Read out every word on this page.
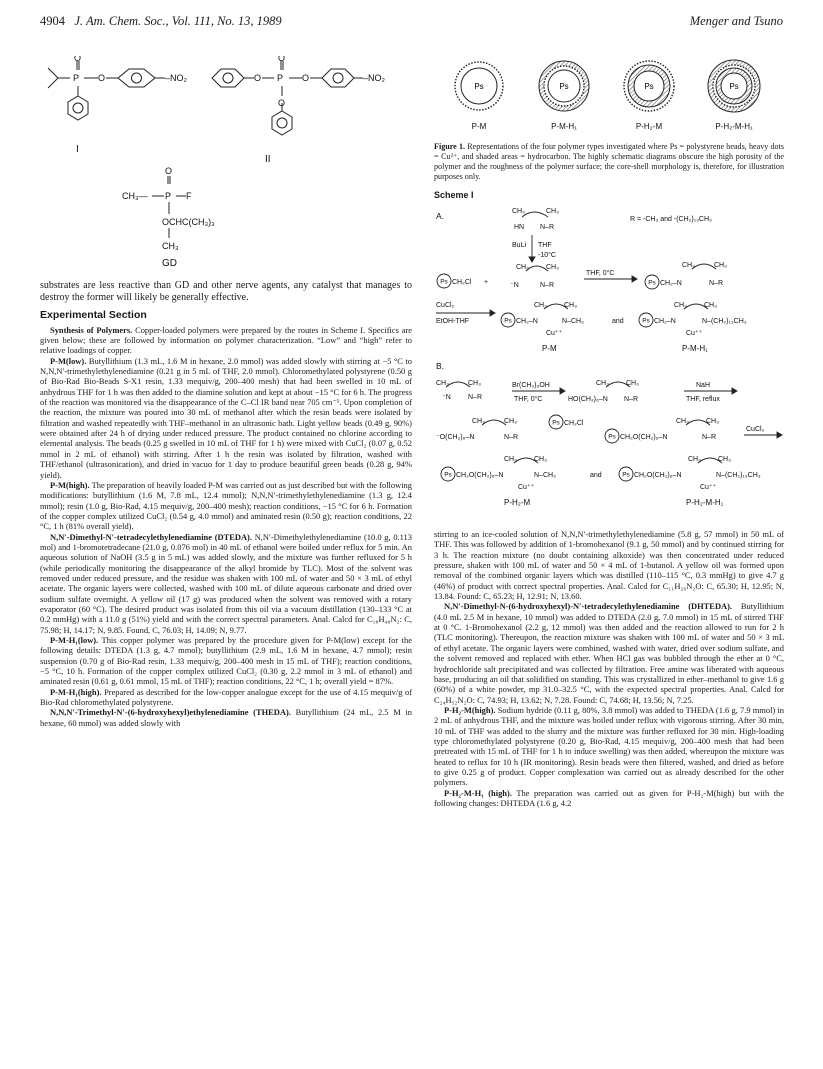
4904 J. Am. Chem. Soc., Vol. 111, No. 13, 1989	Menger and Tsuno
O
P O	–NO₂	O
O
P O
O
–NO₂
O
CH₃— P F
OCHC(CH₃)₃
CH₃
I
II
GD

substrates are less reactive than GD and other nerve agents, any catalyst that manages to destroy the former will likely be generally effective.

Experimental Section

Synthesis of Polymers. Copper-loaded polymers were prepared by the routes in Scheme I. Specifics are given below; these are followed by information on polymer characterization. “Low” and “high” refer to relative loadings of copper.

P-M(low). Butyllithium (1.3 mL, 1.6 M in hexane, 2.0 mmol) was added slowly with stirring at −5 °C to N,N,N′-trimethylethylenediamine (0.21 g in 5 mL of THF, 2.0 mmol). Chloromethylated polystyrene (0.50 g of Bio-Rad Bio-Beads S-X1 resin, 1.33 mequiv/g, 200–400 mesh) that had been swelled in 10 mL of anhydrous THF for 1 h was then added to the diamine solution and kept at about −15 °C for 6 h. The progress of the reaction was monitored via the disappearance of the C–Cl IR band near 705 cm⁻¹. Upon completion of the reaction, the mixture was poured into 30 mL of methanol after which the resin beads were isolated by filtration and washed repeatedly with THF–methanol in an ultrasonic bath. Light yellow beads (0.49 g, 90%) were obtained after 24 h of drying under reduced pressure. The product contained no chlorine according to elemental analysis. The beads (0.25 g swelled in 10 mL of THF for 1 h) were mixed with CuCl₂ (0.07 g, 0.52 mmol in 2 mL of ethanol) with stirring. After 1 h the resin was isolated by filtration, washed with THF/ethanol (ultrasonication), and dried in vacuo for 1 day to produce beautiful green beads (0.28 g, 94% yield).

P-M(high). The preparation of heavily loaded P-M was carried out as just described but with the following modifications: butyllithium (1.6 M, 7.8 mL, 12.4 mmol); N,N,N′-trimethylethylenediamine (1.3 g, 12.4 mmol); resin (1.0 g, Bio-Rad, 4.15 mequiv/g, 200–400 mesh); reaction conditions, −15 °C for 6 h. Formation of the copper complex utilized CuCl₂ (0.54 g, 4.0 mmol) and aminated resin (0.50 g); reaction conditions, 22 °C, 1 h (81% overall yield).

N,N′-Dimethyl-N′-tetradecylethylenediamine (DTEDA). N,N′-Dimethylethylenediamine (10.0 g, 0.113 mol) and 1-bromotetradecane (21.0 g, 0.076 mol) in 40 mL of ethanol were boiled under reflux for 5 min. An aqueous solution of NaOH (3.5 g in 5 mL) was added slowly, and the mixture was further refluxed for 5 h (while periodically monitoring the disappearance of the alkyl bromide by TLC). Most of the solvent was removed under reduced pressure, and the residue was shaken with 100 mL of water and 50 × 3 mL of ethyl acetate. The organic layers were collected, washed with 100 mL of dilute aqueous carbonate and dried over sodium sulfate overnight. A yellow oil (17 g) was produced when the solvent was removed with a rotary evaporator (60 °C). The desired product was isolated from this oil via a vacuum distillation (130–133 °C at 0.2 mmHg) with a 11.0 g (51%) yield and with the correct spectral parameters. Anal. Calcd for C₁₈H₄₀N₂: C, 75.98; H, 14.17; N, 9.85. Found, C, 76.03; H, 14.09; N, 9.77.

P-M-H₁(low). This copper polymer was prepared by the procedure given for P-M(low) except for the following details: DTEDA (1.3 g, 4.7 mmol); butyllithium (2.9 mL, 1.6 M in hexane, 4.7 mmol); resin suspension (0.70 g of Bio-Rad resin, 1.33 mequiv/g, 200–400 mesh in 15 mL of THF); reaction conditions, −5 °C, 10 h. Formation of the copper complex utilized CuCl₂ (0.30 g, 2.2 mmol in 3 mL of ethanol) and aminated resin (0.61 g, 0.61 mmol, 15 mL of THF); reaction conditions, 22 °C, 1 h; overall yield = 87%.

P-M-H₁(high). Prepared as described for the low-copper analogue except for the use of 4.15 mequiv/g of Bio-Rad chloromethylated polystyrene.

N,N,N′-Trimethyl-N′-(6-hydroxyhexyl)ethylenediamine (THEDA). Butyllithium (24 mL, 2.5 M in hexane, 60 mmol) was added slowly with

Ps	Ps	Ps	Ps
P-M	P-M-H₁	P-H₂-M	P-H₂-M-H₁

Figure 1. Representations of the four polymer types investigated where Ps = polystyrene beads, heavy dots = Cu²⁺, and shaded areas = hydrocarbon. The highly schematic diagrams obscure the high porosity of the polymer and the roughness of the polymer surface; the core-shell morphology is, therefore, for illustration purposes only.

Scheme I
A.	CH₃	CH₃
HN N–R
R = -CH₃ and -(CH₂)₁₃CH₃
BuLi THF
-10°C
CH₂Cl +
CH₃ CH₃
⁻N	N–R
THF, 0°C
CH₃	CH₃
CH₂–N	N–R
CuCl₂
EtOH-THF
CH₃ CH₃
CH₂–N	N–CH₃
Cu⁺⁺
and
CH₃ CH₃
CH₂–N	N–(CH₂)₁₃CH₃
Cu⁺⁺
P-M	P-M-H₁
B.
CH₃	CH₃
⁻N N–R
Br(CH₂)₆OH
THF, 0°C
CH₃ CH₃
HO(CH₂)₆–N N–R
NaH
THF, reflux
CH₃	CH₃
⁻O(CH₂)₆–N	N–R
CH₂Cl	CH₃ CH₃
CH₂O(CH₂)₆–N	N–R
CuCl₂
CH₃ CH₃
CH₂O(CH₂)₆–N	N–CH₃
Cu⁺⁺
and
CH₃ CH₃
CH₂O(CH₂)₆–N	N–(CH₂)₁₃CH₃
Cu⁺⁺
P-H₂-M	P-H₂-M-H₁
Ps	Ps
Ps	Ps
Ps
Ps
Ps	Ps

stirring to an ice-cooled solution of N,N,N′-trimethylethylenediamine (5.8 g, 57 mmol) in 50 mL of THF. This was followed by addition of 1-bromohexanol (9.1 g, 50 mmol) and by continued stirring for 3 h. The reaction mixture (no doubt containing alkoxide) was then concentrated under reduced pressure, shaken with 100 mL of water and 50 × 4 mL of 1-butanol. A yellow oil was formed upon removal of the combined organic layers which was distilled (110–115 °C, 0.3 mmHg) to give 4.7 g (46%) of product with correct spectral properties. Anal. Calcd for C₁₁H₂₆N₂O: C, 65.30; H, 12.95; N, 13.84. Found: C, 65.23; H, 12.91; N, 13.60.

N,N′-Dimethyl-N-(6-hydroxyhexyl)-N′-tetradecylethylenediamine (DHTEDA). Butyllithium (4.0 mL 2.5 M in hexane, 10 mmol) was added to DTEDA (2.0 g, 7.0 mmol) in 15 mL of stirred THF at 0 °C. 1-Bromohexanol (2.2 g, 12 mmol) was then added and the reaction allowed to run for 2 h (TLC monitoring). Thereupon, the reaction mixture was shaken with 100 mL of water and 50 × 3 mL of ethyl acetate. The organic layers were combined, washed with water, dried over sodium sulfate, and the solvent removed and replaced with ether. When HCl gas was bubbled through the ether at 0 °C, hydrochloride salt precipitated and was collected by filtration. Free amine was liberated with aqueous base, producing an oil that solidified on standing. This was crystallized in ether–methanol to give 1.6 g (60%) of a white powder, mp 31.0–32.5 °C, with the expected spectral properties. Anal. Calcd for C₂₄H₅₂N₂O: C, 74.93; H, 13.62; N, 7.28. Found: C, 74.68; H, 13.56; N, 7.25.

P-H₂-M(high). Sodium hydride (0.11 g, 80%, 3.8 mmol) was added to THEDA (1.6 g, 7.9 mmol) in 2 mL of anhydrous THF, and the mixture was boiled under reflux with vigorous stirring. After 30 min, 10 mL of THF was added to the slurry and the mixture was further refluxed for 30 min. High-loading type chloromethylated polystyrene (0.20 g, Bio-Rad, 4.15 mequiv/g, 200–400 mesh that had been pretreated with 15 mL of THF for 1 h to induce swelling) was then added, whereupon the mixture was heated to reflux for 10 h (IR monitoring). Resin beads were then filtered, washed, and dried as before to give 0.25 g of product. Copper complexation was carried out as already described for the other polymers.

P-H₂-M-H₁ (high). The preparation was carried out as given for P-H₂-M(high) but with the following changes: DHTEDA (1.6 g, 4.2
